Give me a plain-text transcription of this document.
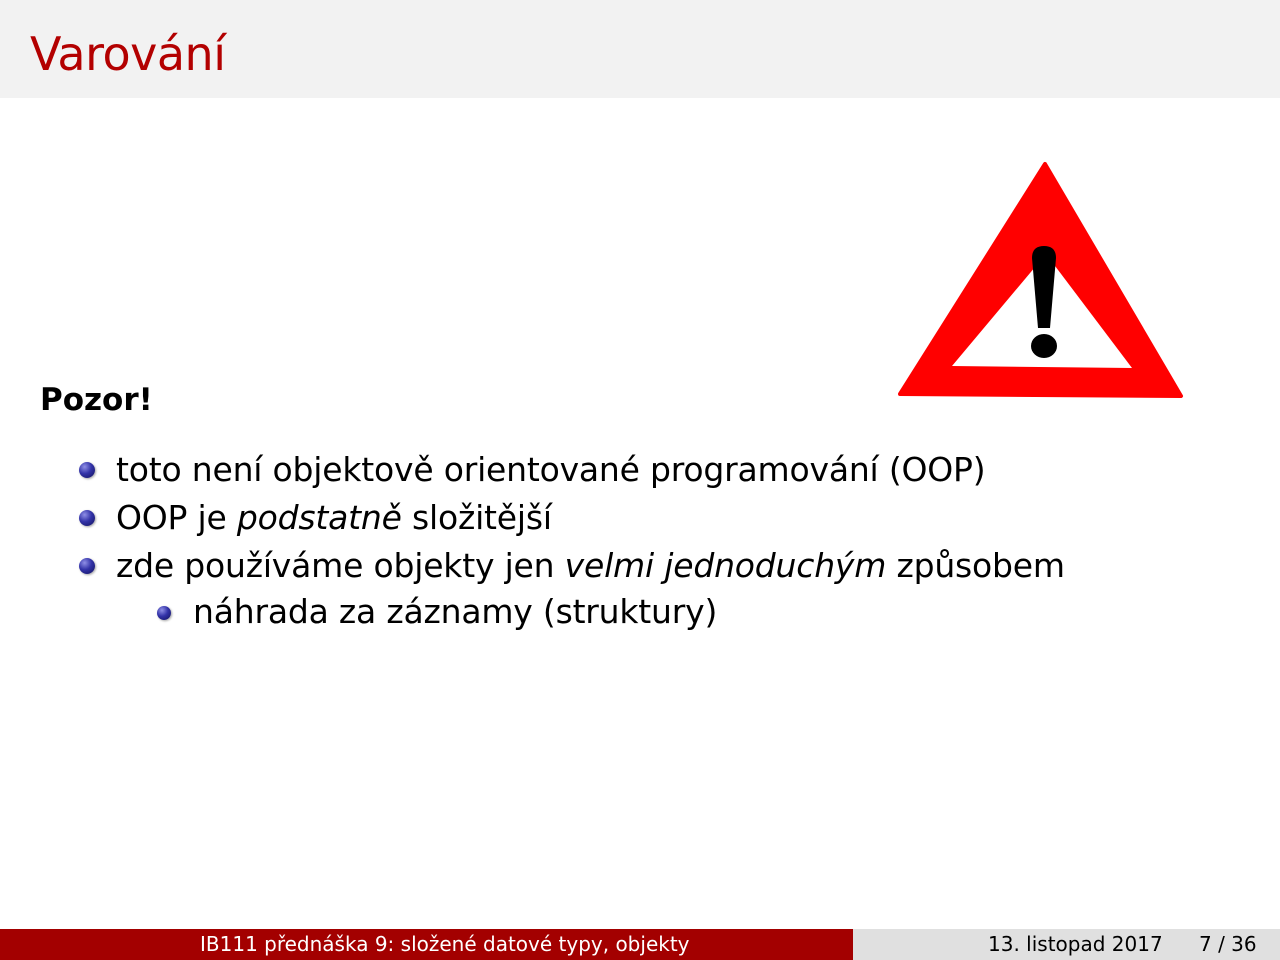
Varování
Pozor!
toto není objektově orientované programování (OOP)
OOP je podstatně složitější
zde používáme objekty jen velmi jednoduchým způsobem
náhrada za záznamy (struktury)
IB111 přednáška 9: složené datové typy, objekty	13. listopad 2017 7 / 36
